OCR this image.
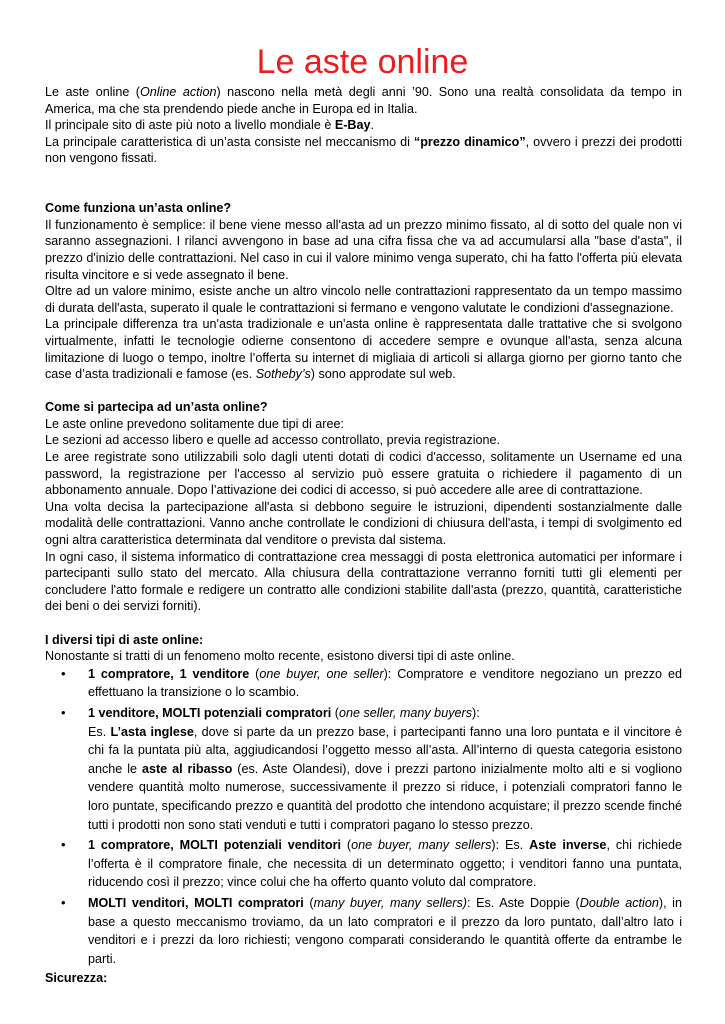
Le aste online

Le aste online (Online action) nascono nella metà degli anni ’90. Sono una realtà consolidata da tempo in America, ma che sta prendendo piede anche in Europa ed in Italia.

Il principale sito di aste più noto a livello mondiale è E-Bay.

La principale caratteristica di un’asta consiste nel meccanismo di “prezzo dinamico”, ovvero i prezzi dei prodotti non vengono fissati.

Come funziona un’asta online?

Il funzionamento è semplice: il bene viene messo all'asta ad un prezzo minimo fissato, al di sotto del quale non vi saranno assegnazioni. I rilanci avvengono in base ad una cifra fissa che va ad accumularsi alla "base d'asta", il prezzo d'inizio delle contrattazioni. Nel caso in cui il valore minimo venga superato, chi ha fatto l'offerta più elevata risulta vincitore e si vede assegnato il bene.

Oltre ad un valore minimo, esiste anche un altro vincolo nelle contrattazioni rappresentato da un tempo massimo di durata dell'asta, superato il quale le contrattazioni si fermano e vengono valutate le condizioni d'assegnazione.

La principale differenza tra un'asta tradizionale e un'asta online è rappresentata dalle trattative che si svolgono virtualmente, infatti le tecnologie odierne consentono di accedere sempre e ovunque all'asta, senza alcuna limitazione di luogo o tempo, inoltre l’offerta su internet di migliaia di articoli si allarga giorno per giorno tanto che case d’asta tradizionali e famose (es. Sotheby’s) sono approdate sul web.

Come si partecipa ad un’asta online?

Le aste online prevedono solitamente due tipi di aree:

Le sezioni ad accesso libero e quelle ad accesso controllato, previa registrazione.

Le aree registrate sono utilizzabili solo dagli utenti dotati di codici d'accesso, solitamente un Username ed una password, la registrazione per l'accesso al servizio può essere gratuita o richiedere il pagamento di un abbonamento annuale. Dopo l’attivazione dei codici di accesso, si può accedere alle aree di contrattazione.

Una volta decisa la partecipazione all'asta si debbono seguire le istruzioni, dipendenti sostanzialmente dalle modalità delle contrattazioni. Vanno anche controllate le condizioni di chiusura dell'asta, i tempi di svolgimento ed ogni altra caratteristica determinata dal venditore o prevista dal sistema.

In ogni caso, il sistema informatico di contrattazione crea messaggi di posta elettronica automatici per informare i partecipanti sullo stato del mercato. Alla chiusura della contrattazione verranno forniti tutti gli elementi per concludere l'atto formale e redigere un contratto alle condizioni stabilite dall'asta (prezzo, quantità, caratteristiche dei beni o dei servizi forniti).

I diversi tipi di aste online:

Nonostante si tratti di un fenomeno molto recente, esistono diversi tipi di aste online.

• 1 compratore, 1 venditore (one buyer, one seller): Compratore e venditore negoziano un prezzo ed effettuano la transizione o lo scambio.
• 1 venditore, MOLTI potenziali compratori (one seller, many buyers):
Es. L’asta inglese, dove si parte da un prezzo base, i partecipanti fanno una loro puntata e il vincitore è chi fa la puntata più alta, aggiudicandosi l’oggetto messo all’asta. All’interno di questa categoria esistono anche le aste al ribasso (es. Aste Olandesi), dove i prezzi partono inizialmente molto alti e si vogliono vendere quantità molto numerose, successivamente il prezzo si riduce, i potenziali compratori fanno le loro puntate, specificando prezzo e quantità del prodotto che intendono acquistare; il prezzo scende finché tutti i prodotti non sono stati venduti e tutti i compratori pagano lo stesso prezzo.
• 1 compratore, MOLTI potenziali venditori (one buyer, many sellers): Es. Aste inverse, chi richiede l’offerta è il compratore finale, che necessita di un determinato oggetto; i venditori fanno una puntata, riducendo così il prezzo; vince colui che ha offerto quanto voluto dal compratore.
• MOLTI venditori, MOLTI compratori (many buyer, many sellers): Es. Aste Doppie (Double action), in base a questo meccanismo troviamo, da un lato compratori e il prezzo da loro puntato, dall’altro lato i venditori e i prezzi da loro richiesti; vengono comparati considerando le quantità offerte da entrambe le parti.

Sicurezza:
